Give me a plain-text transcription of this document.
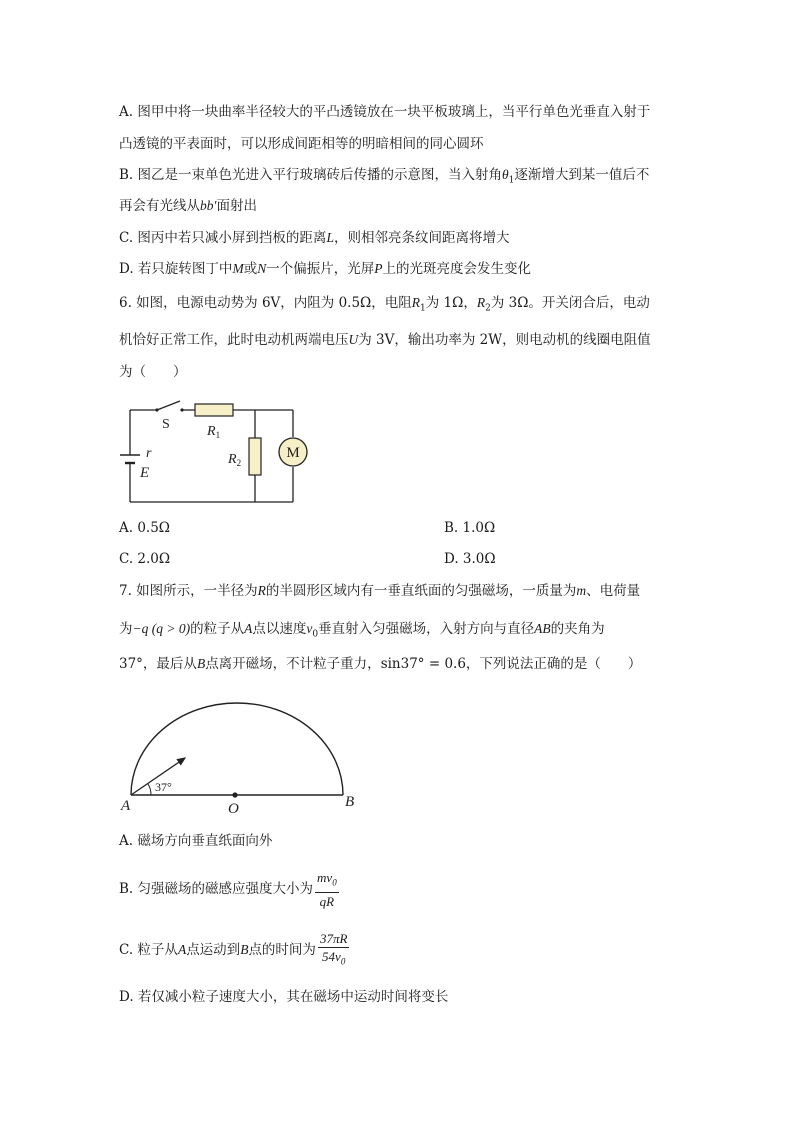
A. 图甲中将一块曲率半径较大的平凸透镜放在一块平板玻璃上，当平行单色光垂直入射于
凸透镜的平表面时，可以形成间距相等的明暗相间的同心圆环
B. 图乙是一束单色光进入平行玻璃砖后传播的示意图，当入射角$\theta_1$逐渐增大到某一值后不
再会有光线从bb′面射出
C. 图丙中若只减小屏到挡板的距离L，则相邻亮条纹间距离将增大
D. 若只旋转图丁中M或N一个偏振片，光屏P上的光斑亮度会发生变化
6. 如图，电源电动势为 6V，内阻为 0.5Ω，电阻$R_1$为 1Ω，$R_2$为 3Ω。开关闭合后，电动
机恰好正常工作，此时电动机两端电压U为 3V，输出功率为 2W，则电动机的线圈电阻值
为（　　）
M
S	$R_1$
$R_2$
r
E
A. 0.5Ω	B. 1.0Ω
C. 2.0Ω	D. 3.0Ω
7. 如图所示，一半径为R的半圆形区域内有一垂直纸面的匀强磁场，一质量为m、电荷量
为−q (q > 0)的粒子从A点以速度$v_0$垂直射入匀强磁场，入射方向与直径AB的夹角为
37°，最后从B点离开磁场，不计粒子重力，sin37° = 0.6，下列说法正确的是（　　）
37°
A	O	B
A. 磁场方向垂直纸面向外
B. 匀强磁场的磁感应强度大小为 $\frac{mv_0}{qR}$
C. 粒子从A点运动到B点的时间为 $\frac{37\pi R}{54v_0}$
D. 若仅减小粒子速度大小，其在磁场中运动时间将变长
